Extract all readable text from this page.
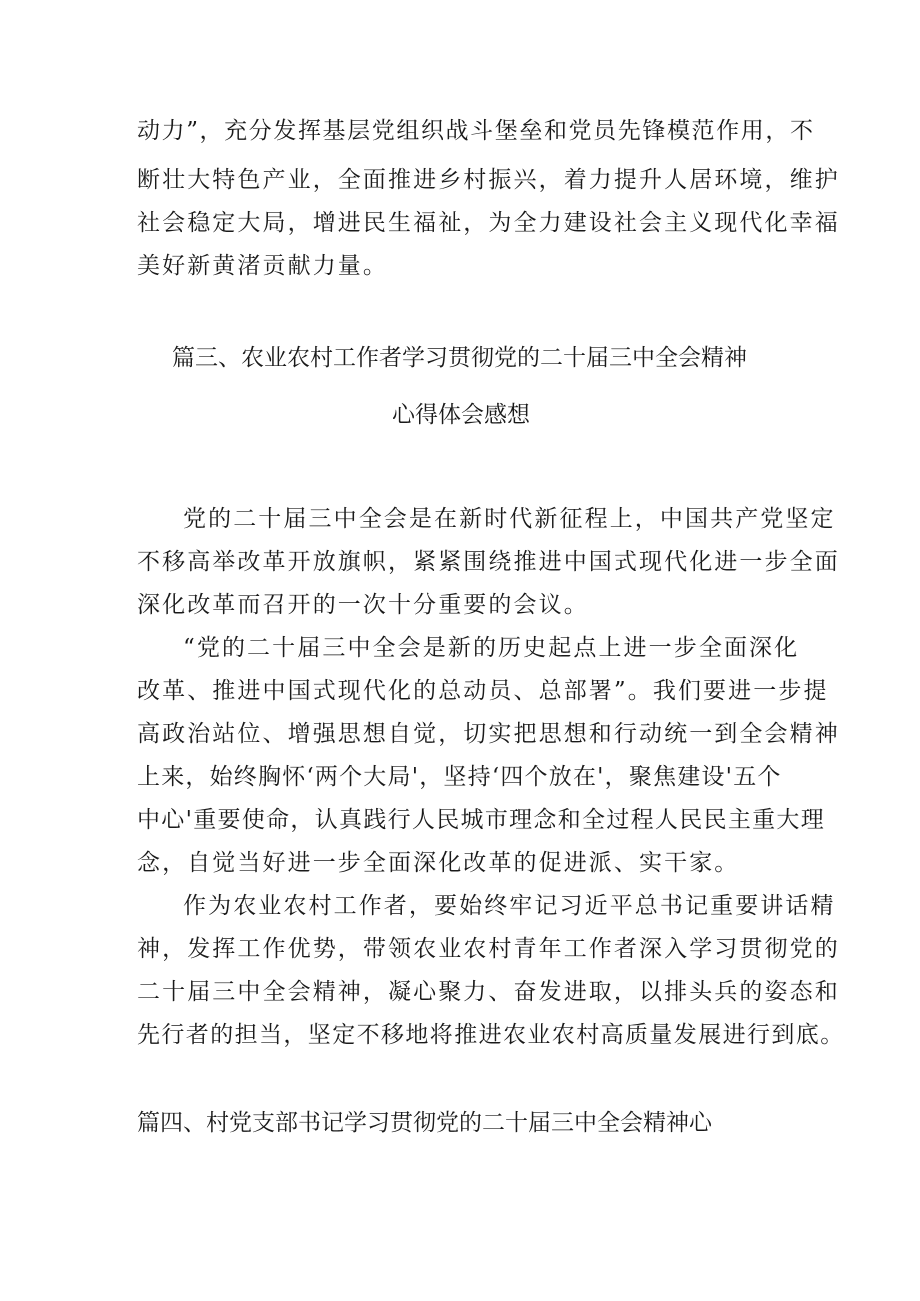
动力”，充分发挥基层党组织战斗堡垒和党员先锋模范作用，不

断壮大特色产业，全面推进乡村振兴，着力提升人居环境，维护

社会稳定大局，增进民生福祉，为全力建设社会主义现代化幸福

美好新黄渚贡献力量。

篇三、农业农村工作者学习贯彻党的二十届三中全会精神

心得体会感想

党的二十届三中全会是在新时代新征程上，中国共产党坚定

不移高举改革开放旗帜，紧紧围绕推进中国式现代化进一步全面

深化改革而召开的一次十分重要的会议。

“党的二十届三中全会是新的历史起点上进一步全面深化

改革、推进中国式现代化的总动员、总部署”。我们要进一步提

高政治站位、增强思想自觉，切实把思想和行动统一到全会精神

上来，始终胸怀‘两个大局'，坚持‘四个放在'，聚焦建设'五个

中心'重要使命，认真践行人民城市理念和全过程人民民主重大理

念，自觉当好进一步全面深化改革的促进派、实干家。

作为农业农村工作者，要始终牢记习近平总书记重要讲话精

神，发挥工作优势，带领农业农村青年工作者深入学习贯彻党的

二十届三中全会精神，凝心聚力、奋发进取，以排头兵的姿态和

先行者的担当，坚定不移地将推进农业农村高质量发展进行到底。

篇四、村党支部书记学习贯彻党的二十届三中全会精神心
